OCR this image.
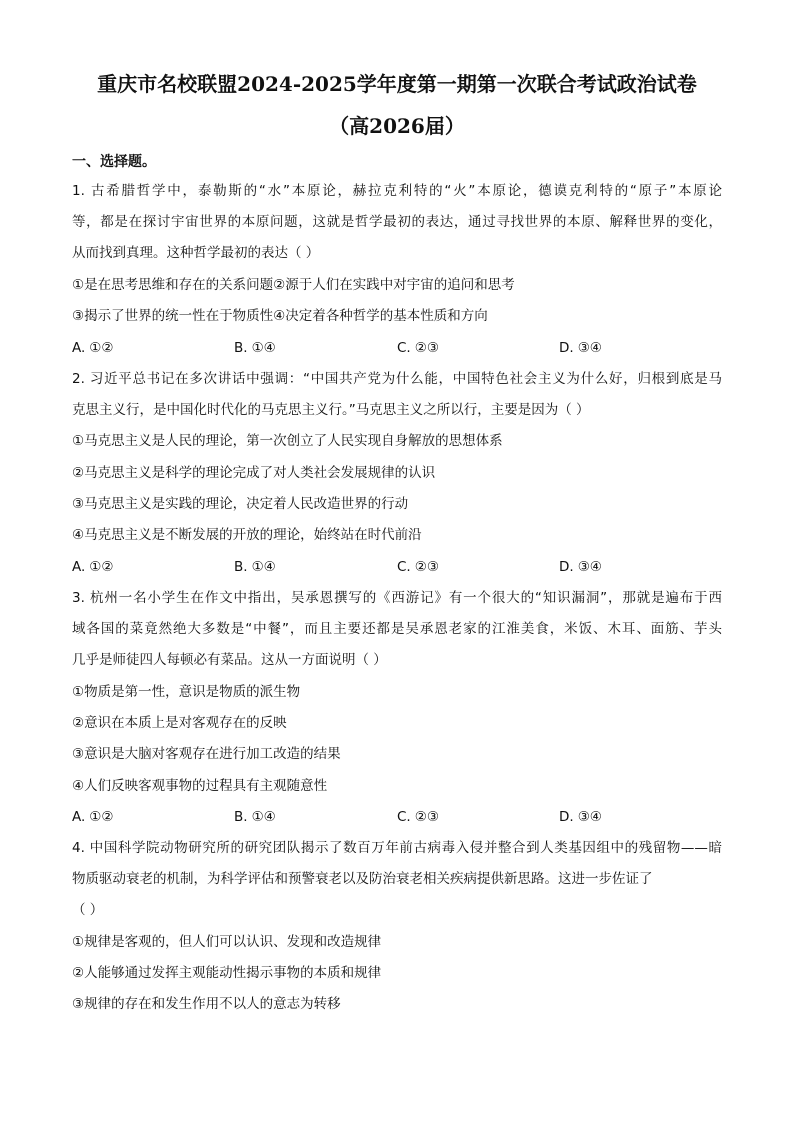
重庆市名校联盟2024-2025学年度第一期第一次联合考试政治试卷
（高2026届）
一、选择题。
1. 古希腊哲学中，泰勒斯的“水”本原论，赫拉克利特的“火”本原论，德谟克利特的“原子”本原论
等，都是在探讨宇宙世界的本原问题，这就是哲学最初的表达，通过寻找世界的本原、解释世界的变化，
从而找到真理。这种哲学最初的表达（ ）
①是在思考思维和存在的关系问题②源于人们在实践中对宇宙的追问和思考
③揭示了世界的统一性在于物质性④决定着各种哲学的基本性质和方向
A. ①②	B. ①④	C. ②③	D. ③④
2. 习近平总书记在多次讲话中强调：“中国共产党为什么能，中国特色社会主义为什么好，归根到底是马
克思主义行，是中国化时代化的马克思主义行。”马克思主义之所以行，主要是因为（ ）
①马克思主义是人民的理论，第一次创立了人民实现自身解放的思想体系
②马克思主义是科学的理论完成了对人类社会发展规律的认识
③马克思主义是实践的理论，决定着人民改造世界的行动
④马克思主义是不断发展的开放的理论，始终站在时代前沿
A. ①②	B. ①④	C. ②③	D. ③④
3. 杭州一名小学生在作文中指出，吴承恩撰写的《西游记》有一个很大的“知识漏洞”，那就是遍布于西
域各国的菜竟然绝大多数是“中餐”，而且主要还都是吴承恩老家的江淮美食，米饭、木耳、面筋、芋头
几乎是师徒四人每顿必有菜品。这从一方面说明（ ）
①物质是第一性，意识是物质的派生物
②意识在本质上是对客观存在的反映
③意识是大脑对客观存在进行加工改造的结果
④人们反映客观事物的过程具有主观随意性
A. ①②	B. ①④	C. ②③	D. ③④
4. 中国科学院动物研究所的研究团队揭示了数百万年前古病毒入侵并整合到人类基因组中的残留物——暗
物质驱动衰老的机制，为科学评估和预警衰老以及防治衰老相关疾病提供新思路。这进一步佐证了
（ ）
①规律是客观的，但人们可以认识、发现和改造规律
②人能够通过发挥主观能动性揭示事物的本质和规律
③规律的存在和发生作用不以人的意志为转移
